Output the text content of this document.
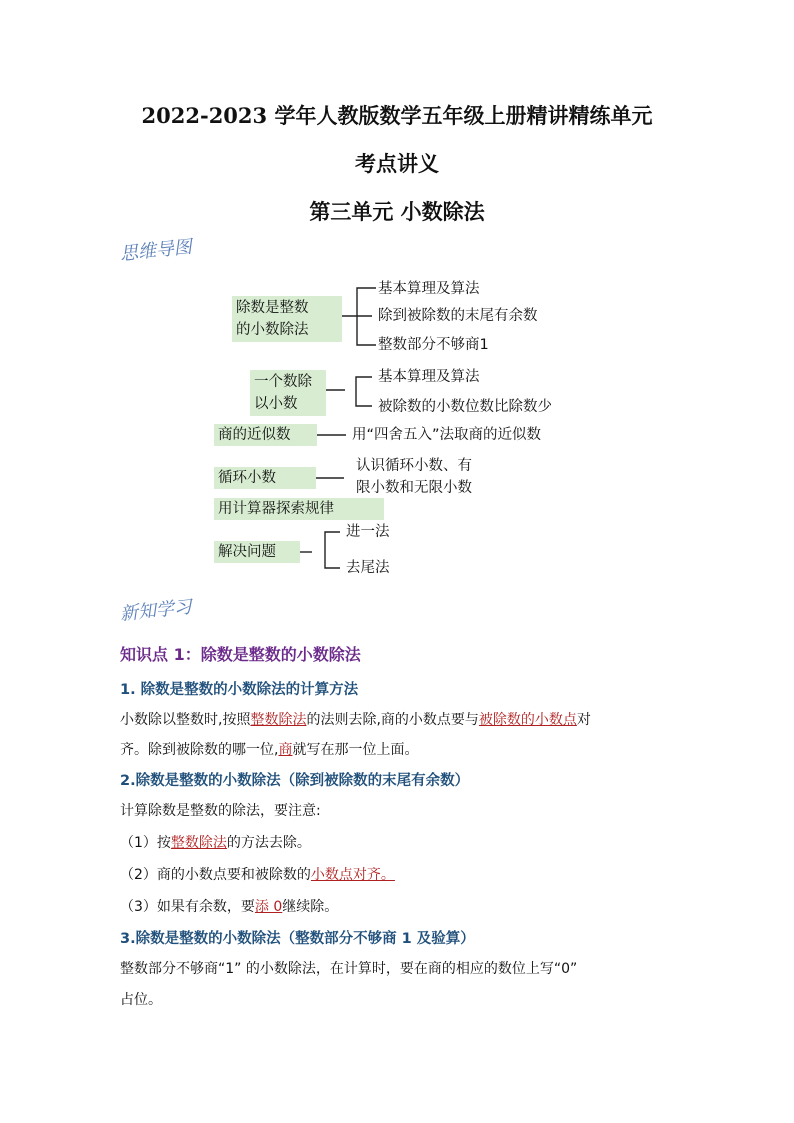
2022-2023 学年人教版数学五年级上册精讲精练单元
考点讲义
第三单元 小数除法
思维导图
除数是整数
的小数除法
基本算理及算法
除到被除数的末尾有余数
整数部分不够商1
一个数除
以小数
基本算理及算法
被除数的小数位数比除数少
商的近似数	用“四舍五入”法取商的近似数
循环小数
认识循环小数、有
限小数和无限小数
用计算器探索规律
解决问题
进一法
去尾法
新知学习
知识点 1：除数是整数的小数除法
1. 除数是整数的小数除法的计算方法
小数除以整数时,按照整数除法的法则去除,商的小数点要与被除数的小数点对
齐。除到被除数的哪一位,商就写在那一位上面。
2.除数是整数的小数除法（除到被除数的末尾有余数）
计算除数是整数的除法，要注意:
（1）按整数除法的方法去除。
（2）商的小数点要和被除数的小数点对齐。
（3）如果有余数，要添 0继续除。
3.除数是整数的小数除法（整数部分不够商 1 及验算）
整数部分不够商“1” 的小数除法，在计算时，要在商的相应的数位上写“0”
占位。
